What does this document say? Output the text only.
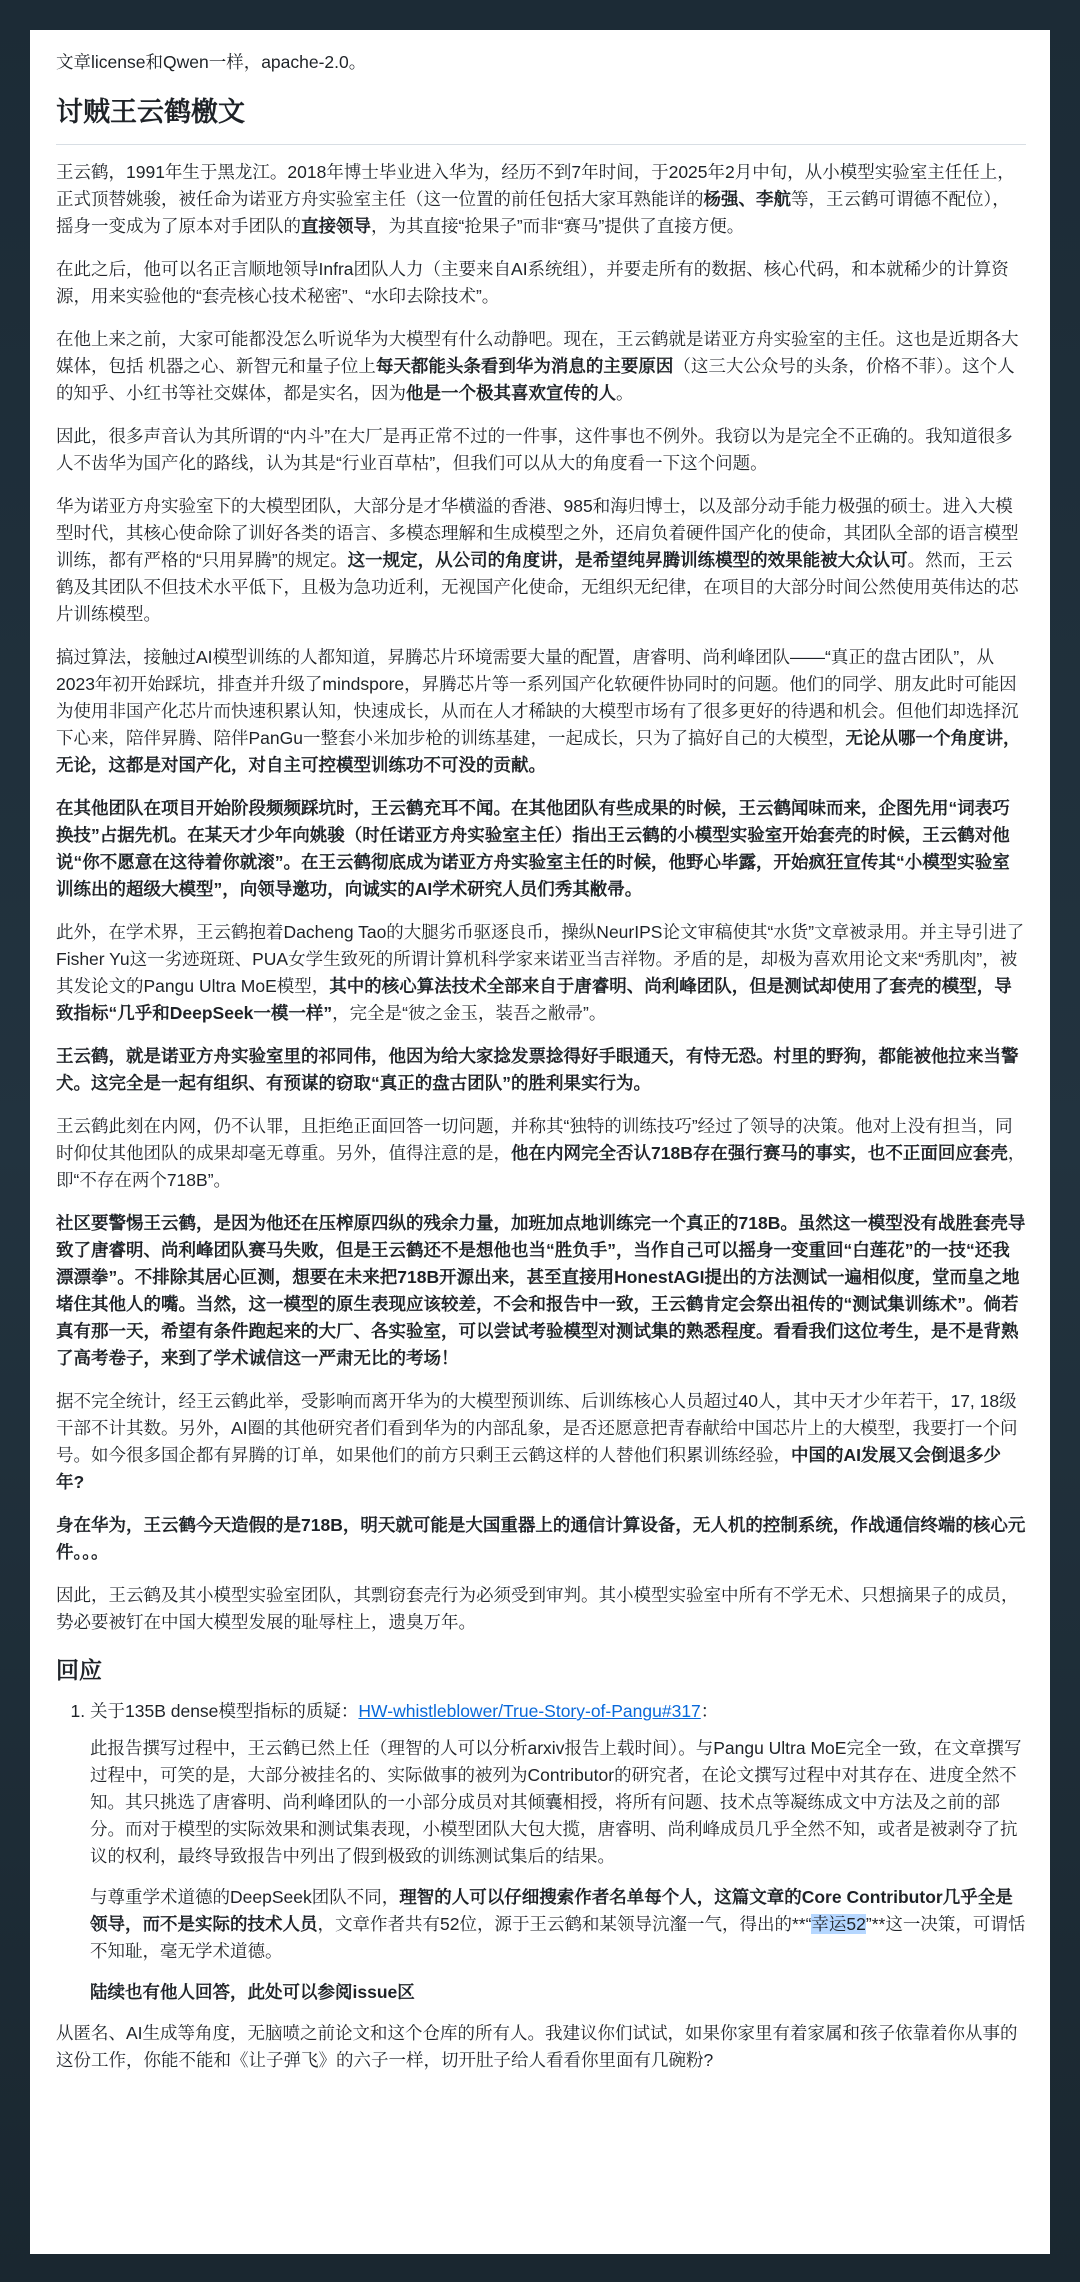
文章license和Qwen一样，apache-2.0。

讨贼王云鹤檄文

王云鹤，1991年生于黑龙江。2018年博士毕业进入华为，经历不到7年时间，于2025年2月中旬，从小模型实验室主任任上，正式顶替姚骏，被任命为诺亚方舟实验室主任（这一位置的前任包括大家耳熟能详的杨强、李航等，王云鹤可谓德不配位），摇身一变成为了原本对手团队的直接领导，为其直接“抢果子”而非“赛马”提供了直接方便。

在此之后，他可以名正言顺地领导Infra团队人力（主要来自AI系统组），并要走所有的数据、核心代码，和本就稀少的计算资源，用来实验他的“套壳核心技术秘密”、“水印去除技术”。

在他上来之前，大家可能都没怎么听说华为大模型有什么动静吧。现在，王云鹤就是诺亚方舟实验室的主任。这也是近期各大媒体，包括 机器之心、新智元和量子位上每天都能头条看到华为消息的主要原因（这三大公众号的头条，价格不菲）。这个人的知乎、小红书等社交媒体，都是实名，因为他是一个极其喜欢宣传的人。

因此，很多声音认为其所谓的“内斗”在大厂是再正常不过的一件事，这件事也不例外。我窃以为是完全不正确的。我知道很多人不齿华为国产化的路线，认为其是“行业百草枯”，但我们可以从大的角度看一下这个问题。

华为诺亚方舟实验室下的大模型团队，大部分是才华横溢的香港、985和海归博士，以及部分动手能力极强的硕士。进入大模型时代，其核心使命除了训好各类的语言、多模态理解和生成模型之外，还肩负着硬件国产化的使命，其团队全部的语言模型训练，都有严格的“只用昇腾”的规定。这一规定，从公司的角度讲，是希望纯昇腾训练模型的效果能被大众认可。然而，王云鹤及其团队不但技术水平低下，且极为急功近利，无视国产化使命，无组织无纪律，在项目的大部分时间公然使用英伟达的芯片训练模型。

搞过算法，接触过AI模型训练的人都知道，昇腾芯片环境需要大量的配置，唐睿明、尚利峰团队——“真正的盘古团队”，从2023年初开始踩坑，排查并升级了mindspore，昇腾芯片等一系列国产化软硬件协同时的问题。他们的同学、朋友此时可能因为使用非国产化芯片而快速积累认知，快速成长，从而在人才稀缺的大模型市场有了很多更好的待遇和机会。但他们却选择沉下心来，陪伴昇腾、陪伴PanGu一整套小米加步枪的训练基建，一起成长，只为了搞好自己的大模型，无论从哪一个角度讲，无论，这都是对国产化，对自主可控模型训练功不可没的贡献。

在其他团队在项目开始阶段频频踩坑时，王云鹤充耳不闻。在其他团队有些成果的时候，王云鹤闻味而来，企图先用“词表巧换技”占据先机。在某天才少年向姚骏（时任诺亚方舟实验室主任）指出王云鹤的小模型实验室开始套壳的时候，王云鹤对他说“你不愿意在这待着你就滚”。在王云鹤彻底成为诺亚方舟实验室主任的时候，他野心毕露，开始疯狂宣传其“小模型实验室训练出的超级大模型”，向领导邀功，向诚实的AI学术研究人员们秀其敝帚。

此外，在学术界，王云鹤抱着Dacheng Tao的大腿劣币驱逐良币，操纵NeurIPS论文审稿使其“水货”文章被录用。并主导引进了Fisher Yu这一劣迹斑斑、PUA女学生致死的所谓计算机科学家来诺亚当吉祥物。矛盾的是，却极为喜欢用论文来“秀肌肉”，被其发论文的Pangu Ultra MoE模型，其中的核心算法技术全部来自于唐睿明、尚利峰团队，但是测试却使用了套壳的模型，导致指标“几乎和DeepSeek一模一样”，完全是“彼之金玉，装吾之敝帚”。

王云鹤，就是诺亚方舟实验室里的祁同伟，他因为给大家捻发票捻得好手眼通天，有恃无恐。村里的野狗，都能被他拉来当警犬。这完全是一起有组织、有预谋的窃取“真正的盘古团队”的胜利果实行为。

王云鹤此刻在内网，仍不认罪，且拒绝正面回答一切问题，并称其“独特的训练技巧”经过了领导的决策。他对上没有担当，同时仰仗其他团队的成果却毫无尊重。另外，值得注意的是，他在内网完全否认718B存在强行赛马的事实，也不正面回应套壳，即“不存在两个718B”。

社区要警惕王云鹤，是因为他还在压榨原四纵的残余力量，加班加点地训练完一个真正的718B。虽然这一模型没有战胜套壳导致了唐睿明、尚利峰团队赛马失败，但是王云鹤还不是想他也当“胜负手”，当作自己可以摇身一变重回“白莲花”的一技“还我漂漂拳”。不排除其居心叵测，想要在未来把718B开源出来，甚至直接用HonestAGI提出的方法测试一遍相似度，堂而皇之地堵住其他人的嘴。当然，这一模型的原生表现应该较差，不会和报告中一致，王云鹤肯定会祭出祖传的“测试集训练术”。倘若真有那一天，希望有条件跑起来的大厂、各实验室，可以尝试考验模型对测试集的熟悉程度。看看我们这位考生，是不是背熟了高考卷子，来到了学术诚信这一严肃无比的考场！

据不完全统计，经王云鹤此举，受影响而离开华为的大模型预训练、后训练核心人员超过40人，其中天才少年若干，17, 18级干部不计其数。另外，AI圈的其他研究者们看到华为的内部乱象，是否还愿意把青春献给中国芯片上的大模型，我要打一个问号。如今很多国企都有昇腾的订单，如果他们的前方只剩王云鹤这样的人替他们积累训练经验，中国的AI发展又会倒退多少年?

身在华为，王云鹤今天造假的是718B，明天就可能是大国重器上的通信计算设备，无人机的控制系统，作战通信终端的核心元件。。。

因此，王云鹤及其小模型实验室团队，其剽窃套壳行为必须受到审判。其小模型实验室中所有不学无术、只想摘果子的成员，势必要被钉在中国大模型发展的耻辱柱上，遗臭万年。

回应
1. 关于135B dense模型指标的质疑：HW-whistleblower/True-Story-of-Pangu#317：

此报告撰写过程中，王云鹤已然上任（理智的人可以分析arxiv报告上载时间）。与Pangu Ultra MoE完全一致，在文章撰写过程中，可笑的是，大部分被挂名的、实际做事的被列为Contributor的研究者，在论文撰写过程中对其存在、进度全然不知。其只挑选了唐睿明、尚利峰团队的一小部分成员对其倾囊相授，将所有问题、技术点等凝练成文中方法及之前的部分。而对于模型的实际效果和测试集表现，小模型团队大包大揽，唐睿明、尚利峰成员几乎全然不知，或者是被剥夺了抗议的权利，最终导致报告中列出了假到极致的训练测试集后的结果。

与尊重学术道德的DeepSeek团队不同，理智的人可以仔细搜索作者名单每个人，这篇文章的Core Contributor几乎全是领导，而不是实际的技术人员，文章作者共有52位，源于王云鹤和某领导沆瀣一气，得出的**“幸运52”**这一决策，可谓恬不知耻，毫无学术道德。

陆续也有他人回答，此处可以参阅issue区

从匿名、AI生成等角度，无脑喷之前论文和这个仓库的所有人。我建议你们试试，如果你家里有着家属和孩子依靠着你从事的这份工作，你能不能和《让子弹飞》的六子一样，切开肚子给人看看你里面有几碗粉?
